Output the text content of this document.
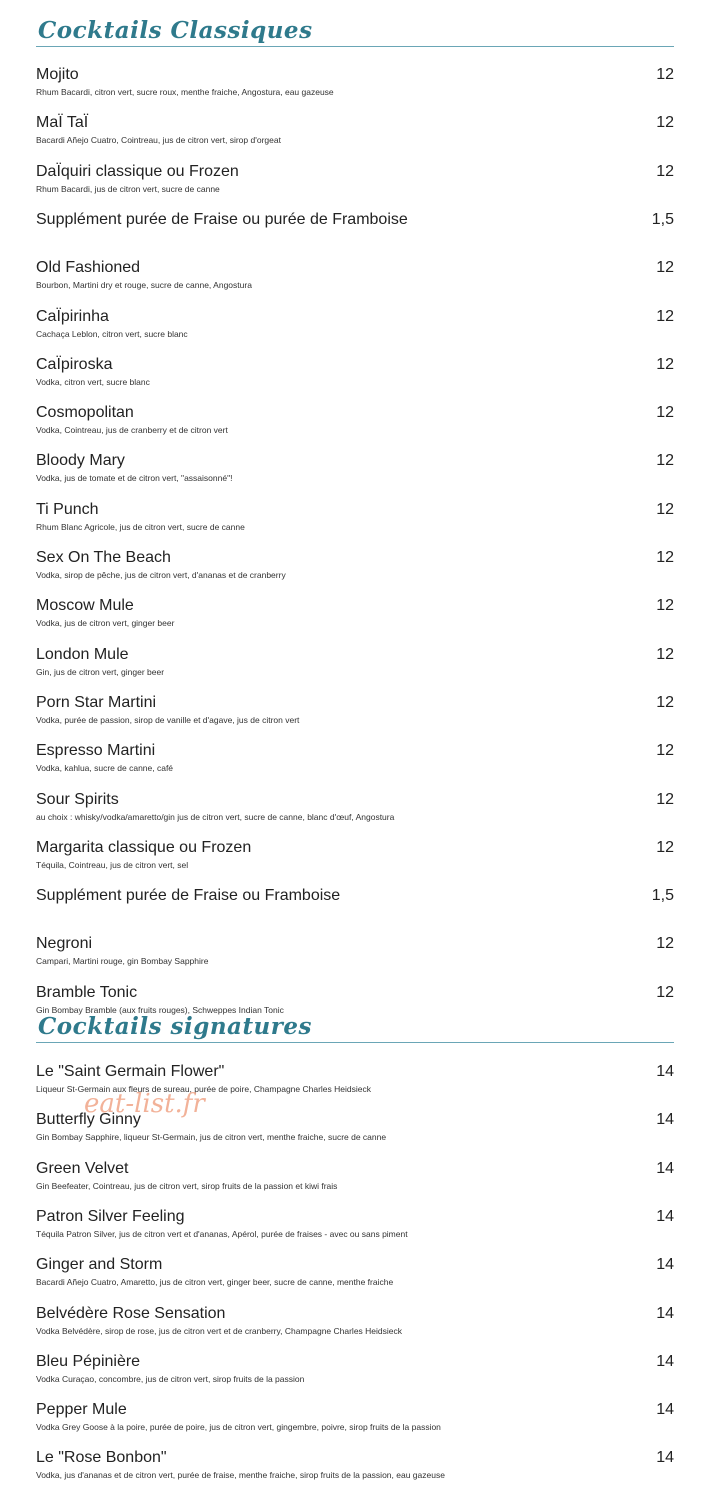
Cocktails Classiques
Mojito	12
Rhum Bacardi, citron vert, sucre roux, menthe fraiche, Angostura, eau gazeuse
MaÏ TaÏ	12
Bacardi Añejo Cuatro, Cointreau, jus de citron vert, sirop d'orgeat
DaÏquiri classique ou Frozen	12
Rhum Bacardi, jus de citron vert, sucre de canne
Supplément purée de Fraise ou purée de Framboise	1,5
Old Fashioned	12
Bourbon, Martini dry et rouge, sucre de canne, Angostura
CaÏpirinha	12
Cachaça Leblon, citron vert, sucre blanc
CaÏpiroska	12
Vodka, citron vert, sucre blanc
Cosmopolitan	12
Vodka, Cointreau, jus de cranberry et de citron vert
Bloody Mary	12
Vodka, jus de tomate et de citron vert, "assaisonné"!
Ti Punch	12
Rhum Blanc Agricole, jus de citron vert, sucre de canne
Sex On The Beach	12
Vodka, sirop de pêche, jus de citron vert, d'ananas et de cranberry
Moscow Mule	12
Vodka, jus de citron vert, ginger beer
London Mule	12
Gin, jus de citron vert, ginger beer
Porn Star Martini	12
Vodka, purée de passion, sirop de vanille et d'agave, jus de citron vert
Espresso Martini	12
Vodka, kahlua, sucre de canne, café
Sour Spirits	12
au choix : whisky/vodka/amaretto/gin jus de citron vert, sucre de canne, blanc d'œuf, Angostura
Margarita classique ou Frozen	12
Téquila, Cointreau, jus de citron vert, sel
Supplément purée de Fraise ou Framboise	1,5
Negroni	12
Campari, Martini rouge, gin Bombay Sapphire
Bramble Tonic	12
Gin Bombay Bramble (aux fruits rouges), Schweppes Indian Tonic
Cocktails signatures
Le "Saint Germain Flower"	14
Liqueur St-Germain aux fleurs de sureau, purée de poire, Champagne Charles Heidsieck
Butterfly Ginny	14
Gin Bombay Sapphire, liqueur St-Germain, jus de citron vert, menthe fraiche, sucre de canne
Green Velvet	14
Gin Beefeater, Cointreau, jus de citron vert, sirop fruits de la passion et kiwi frais
Patron Silver Feeling	14
Téquila Patron Silver, jus de citron vert et d'ananas, Apérol, purée de fraises - avec ou sans piment
Ginger and Storm	14
Bacardi Añejo Cuatro, Amaretto, jus de citron vert, ginger beer, sucre de canne, menthe fraiche
Belvédère Rose Sensation	14
Vodka Belvédère, sirop de rose, jus de citron vert et de cranberry, Champagne Charles Heidsieck
Bleu Pépinière	14
Vodka Curaçao, concombre, jus de citron vert, sirop fruits de la passion
Pepper Mule	14
Vodka Grey Goose à la poire, purée de poire, jus de citron vert, gingembre, poivre, sirop fruits de la passion
Le "Rose Bonbon"	14
Vodka, jus d'ananas et de citron vert, purée de fraise, menthe fraiche, sirop fruits de la passion, eau gazeuse
eat-list.fr
